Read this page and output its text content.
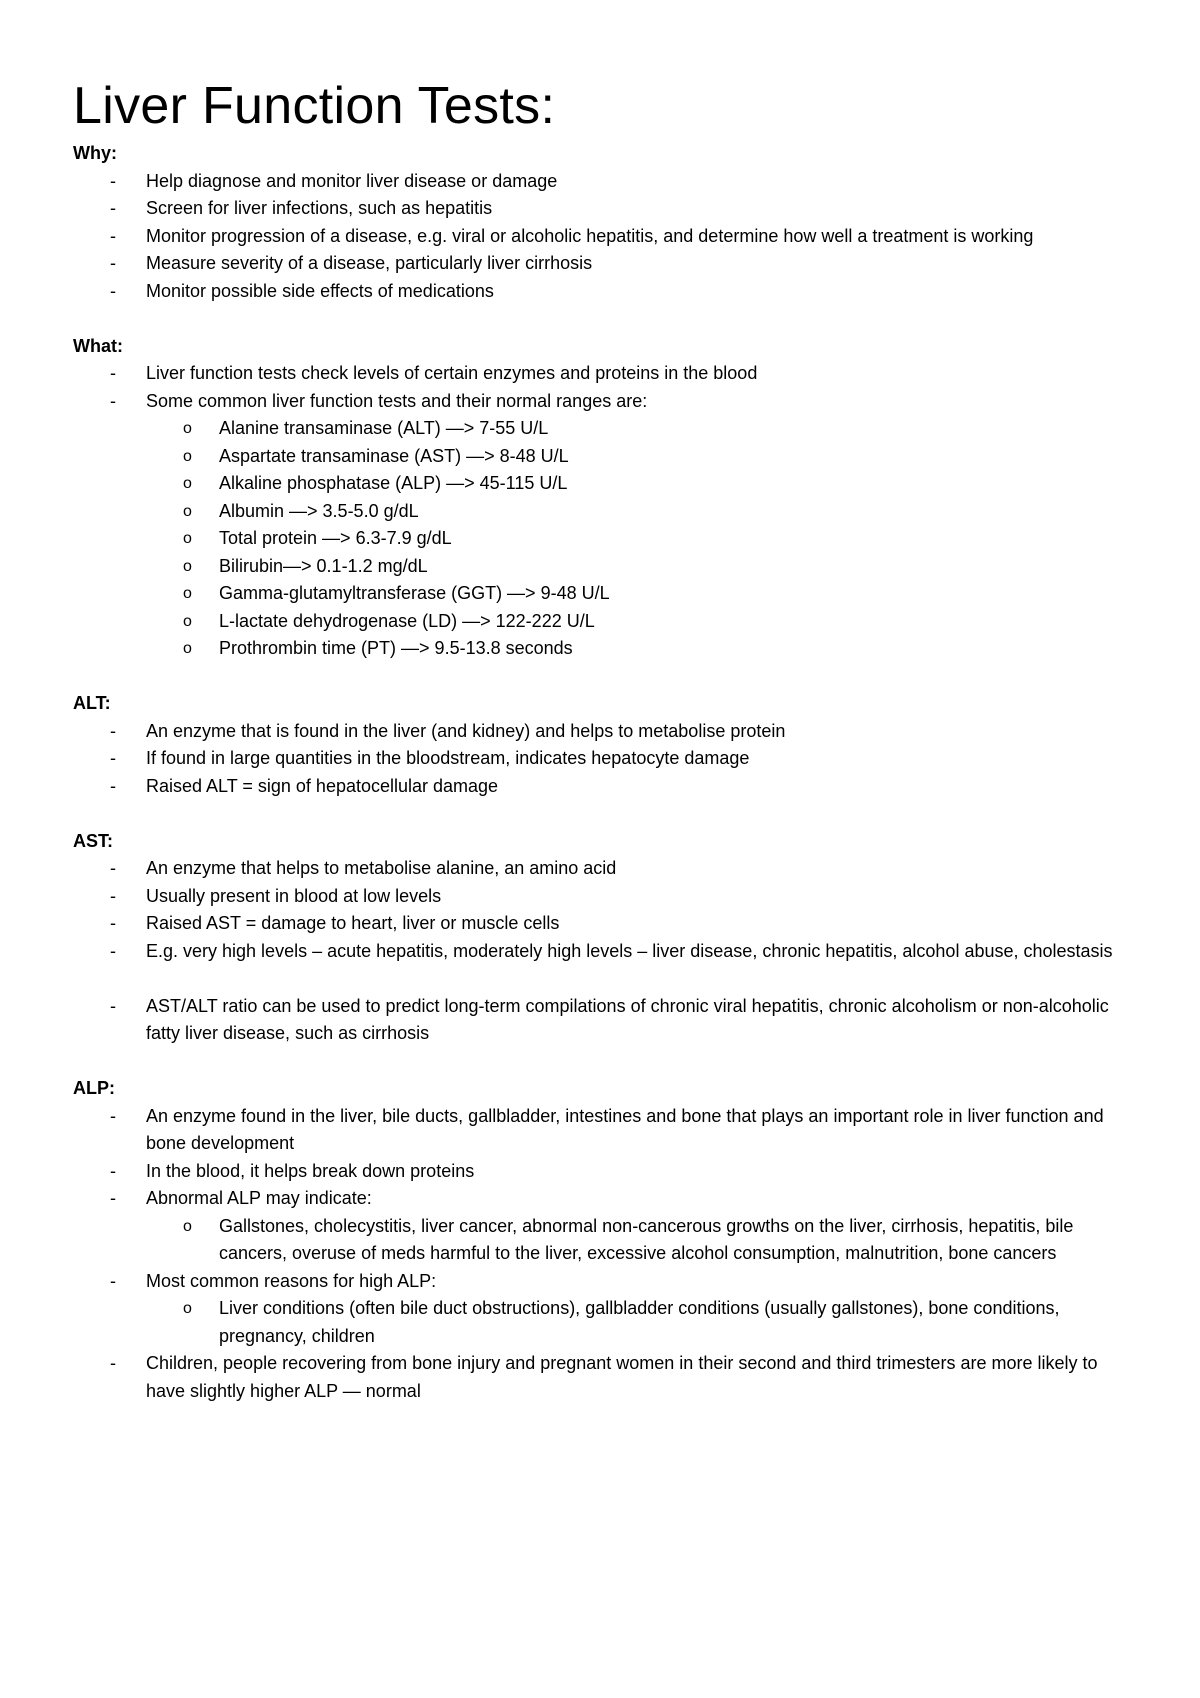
Liver Function Tests:
Why:
- Help diagnose and monitor liver disease or damage
- Screen for liver infections, such as hepatitis
- Monitor progression of a disease, e.g. viral or alcoholic hepatitis, and determine how well a treatment is working
- Measure severity of a disease, particularly liver cirrhosis
- Monitor possible side effects of medications
What:
- Liver function tests check levels of certain enzymes and proteins in the blood
- Some common liver function tests and their normal ranges are:
o Alanine transaminase (ALT) —> 7-55 U/L
o Aspartate transaminase (AST) —> 8-48 U/L
o Alkaline phosphatase (ALP) —> 45-115 U/L
o Albumin —> 3.5-5.0 g/dL
o Total protein —> 6.3-7.9 g/dL
o Bilirubin—> 0.1-1.2 mg/dL
o Gamma-glutamyltransferase (GGT) —> 9-48 U/L
o L-lactate dehydrogenase (LD) —> 122-222 U/L
o Prothrombin time (PT) —> 9.5-13.8 seconds
ALT:
- An enzyme that is found in the liver (and kidney) and helps to metabolise protein
- If found in large quantities in the bloodstream, indicates hepatocyte damage
- Raised ALT = sign of hepatocellular damage
AST:
- An enzyme that helps to metabolise alanine, an amino acid
- Usually present in blood at low levels
- Raised AST = damage to heart, liver or muscle cells
- E.g. very high levels – acute hepatitis, moderately high levels – liver disease, chronic hepatitis, alcohol abuse, cholestasis
- AST/ALT ratio can be used to predict long-term compilations of chronic viral hepatitis, chronic alcoholism or non-alcoholic fatty liver disease, such as cirrhosis
ALP:
- An enzyme found in the liver, bile ducts, gallbladder, intestines and bone that plays an important role in liver function and bone development
- In the blood, it helps break down proteins
- Abnormal ALP may indicate:
o Gallstones, cholecystitis, liver cancer, abnormal non-cancerous growths on the liver, cirrhosis, hepatitis, bile cancers, overuse of meds harmful to the liver, excessive alcohol consumption, malnutrition, bone cancers
- Most common reasons for high ALP:
o Liver conditions (often bile duct obstructions), gallbladder conditions (usually gallstones), bone conditions, pregnancy, children
- Children, people recovering from bone injury and pregnant women in their second and third trimesters are more likely to have slightly higher ALP — normal
